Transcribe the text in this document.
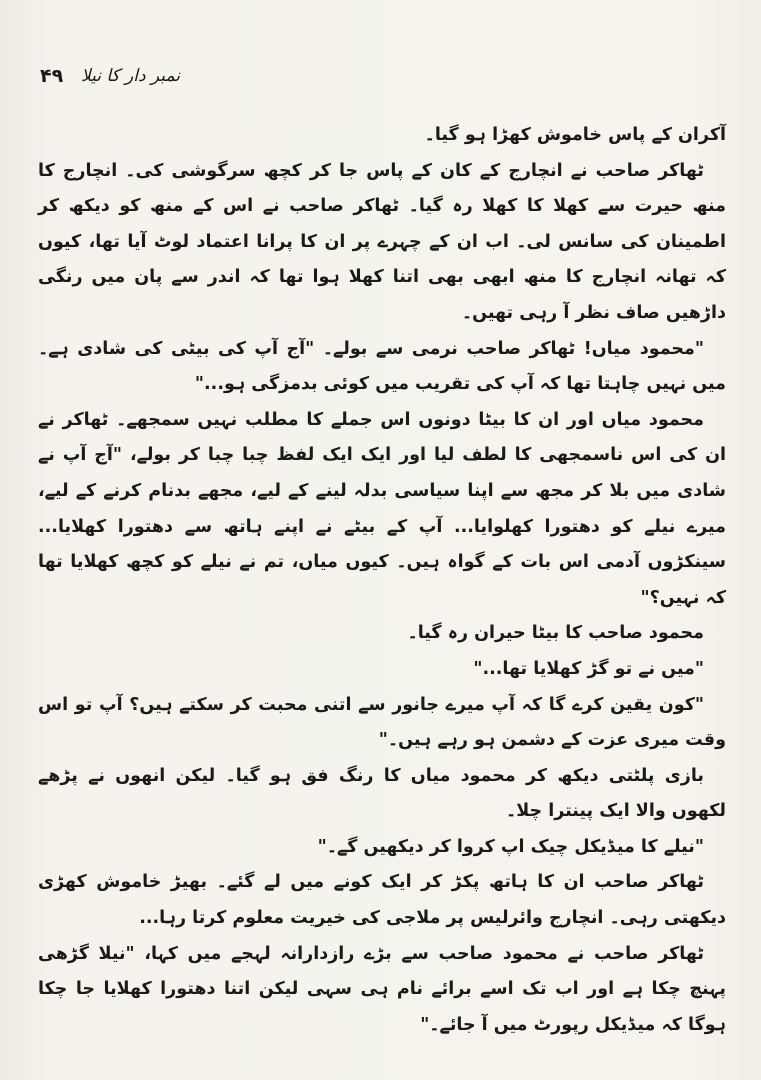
نمبر دار کا نیلا
۴۹

آکران کے پاس خاموش کھڑا ہو گیا۔

ٹھاکر صاحب نے انچارج کے کان کے پاس جا کر کچھ سرگوشی کی۔ انچارج کا منھ حیرت سے کھلا کا کھلا رہ گیا۔ ٹھاکر صاحب نے اس کے منھ کو دیکھ کر اطمینان کی سانس لی۔ اب ان کے چہرے پر ان کا پرانا اعتماد لوٹ آیا تھا، کیوں کہ تھانہ انچارج کا منھ ابھی بھی اتنا کھلا ہوا تھا کہ اندر سے پان میں رنگی داڑھیں صاف نظر آ رہی تھیں۔

"محمود میاں! ٹھاکر صاحب نرمی سے بولے۔ "آج آپ کی بیٹی کی شادی ہے۔ میں نہیں چاہتا تھا کہ آپ کی تقریب میں کوئی بدمزگی ہو..."

محمود میاں اور ان کا بیٹا دونوں اس جملے کا مطلب نہیں سمجھے۔ ٹھاکر نے ان کی اس ناسمجھی کا لطف لیا اور ایک ایک لفظ چبا چبا کر بولے، "آج آپ نے شادی میں بلا کر مجھ سے اپنا سیاسی بدلہ لینے کے لیے، مجھے بدنام کرنے کے لیے، میرے نیلے کو دھتورا کھلوایا... آپ کے بیٹے نے اپنے ہاتھ سے دھتورا کھلایا... سینکڑوں آدمی اس بات کے گواہ ہیں۔ کیوں میاں، تم نے نیلے کو کچھ کھلایا تھا کہ نہیں؟"

محمود صاحب کا بیٹا حیران رہ گیا۔

"میں نے تو گڑ کھلایا تھا..."

"کون یقین کرے گا کہ آپ میرے جانور سے اتنی محبت کر سکتے ہیں؟ آپ تو اس وقت میری عزت کے دشمن ہو رہے ہیں۔"

بازی پلٹتی دیکھ کر محمود میاں کا رنگ فق ہو گیا۔ لیکن انھوں نے پڑھے لکھوں والا ایک پینترا چلا۔

"نیلے کا میڈیکل چیک اپ کروا کر دیکھیں گے۔"

ٹھاکر صاحب ان کا ہاتھ پکڑ کر ایک کونے میں لے گئے۔ بھیڑ خاموش کھڑی دیکھتی رہی۔ انچارج وائرلیس پر ملاجی کی خیریت معلوم کرتا رہا...

ٹھاکر صاحب نے محمود صاحب سے بڑے رازدارانہ لہجے میں کہا، "نیلا گڑھی پہنچ چکا ہے اور اب تک اسے برائے نام ہی سہی لیکن اتنا دھتورا کھلایا جا چکا ہوگا کہ میڈیکل رپورٹ میں آ جائے۔"
